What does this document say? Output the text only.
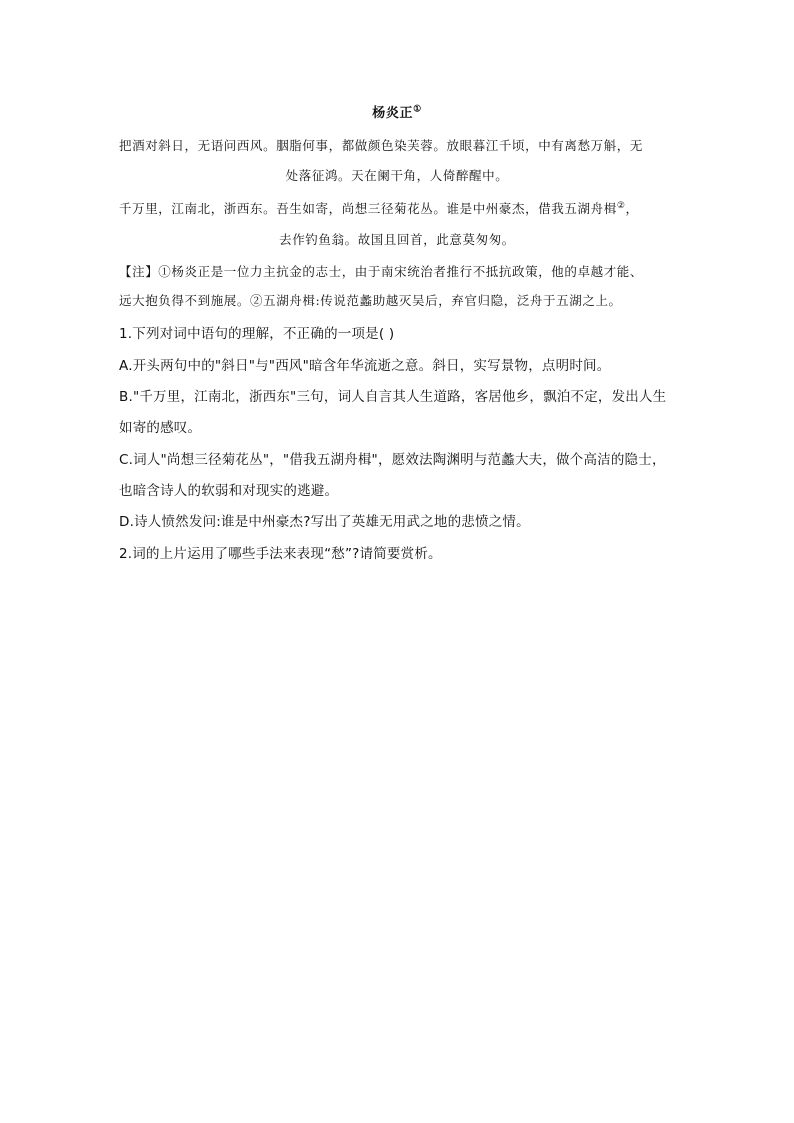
杨炎正①
把酒对斜日，无语问西风。胭脂何事，都做颜色染芙蓉。放眼暮江千顷，中有离愁万斛，无
处落征鸿。天在阑干角，人倚醉醒中。
千万里，江南北，浙西东。吾生如寄，尚想三径菊花丛。谁是中州豪杰，借我五湖舟楫②，
去作钓鱼翁。故国且回首，此意莫匆匆。
【注】①杨炎正是一位力主抗金的志士，由于南宋统治者推行不抵抗政策，他的卓越才能、
远大抱负得不到施展。②五湖舟楫:传说范蠡助越灭吴后，弃官归隐，泛舟于五湖之上。
1.下列对词中语句的理解，不正确的一项是( )
A.开头两句中的"斜日"与"西风"暗含年华流逝之意。斜日，实写景物，点明时间。
B."千万里，江南北，浙西东"三句，词人自言其人生道路，客居他乡，飘泊不定，发出人生
如寄的感叹。
C.词人"尚想三径菊花丛"，"借我五湖舟楫"，愿效法陶渊明与范蠡大夫，做个高洁的隐士，
也暗含诗人的软弱和对现实的逃避。
D.诗人愤然发问:谁是中州豪杰?写出了英雄无用武之地的悲愤之情。
2.词的上片运用了哪些手法来表现“愁”?请简要赏析。
